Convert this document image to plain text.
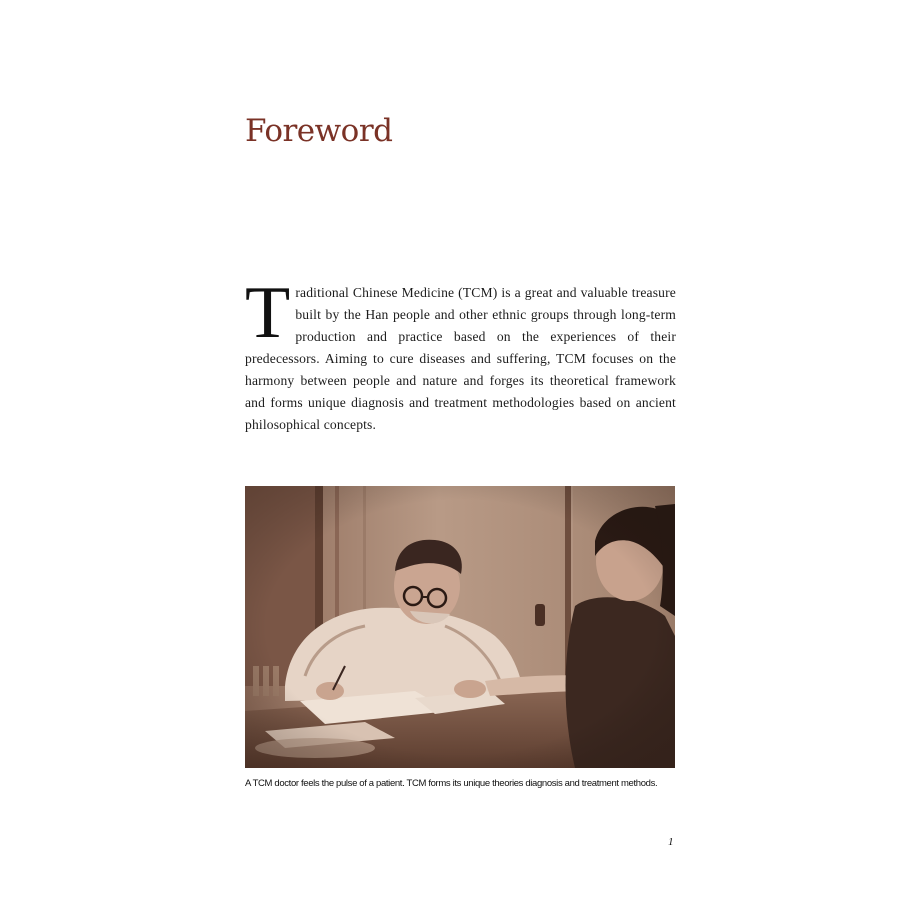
Foreword

Traditional Chinese Medicine (TCM) is a great and valuable treasure built by the Han people and other ethnic groups through long-term production and practice based on the experiences of their predecessors. Aiming to cure diseases and suffering, TCM focuses on the harmony between people and nature and forges its theoretical framework and forms unique diagnosis and treatment methodologies based on ancient philosophical concepts.

A TCM doctor feels the pulse of a patient. TCM forms its unique theories diagnosis and treatment methods.

1
